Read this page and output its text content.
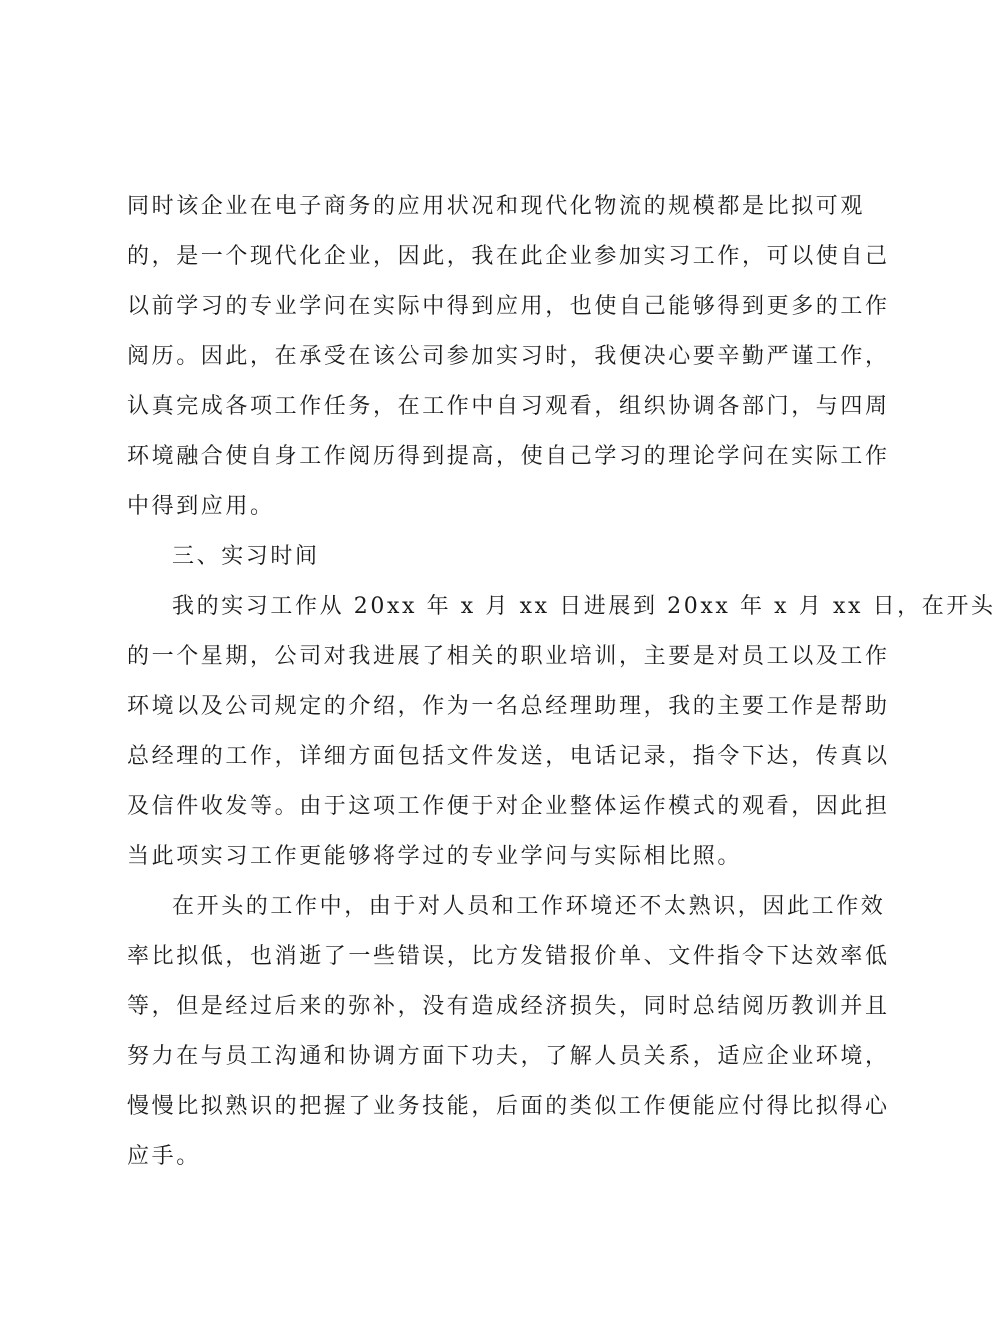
同时该企业在电子商务的应用状况和现代化物流的规模都是比拟可观
的，是一个现代化企业，因此，我在此企业参加实习工作，可以使自己
以前学习的专业学问在实际中得到应用，也使自己能够得到更多的工作
阅历。因此，在承受在该公司参加实习时，我便决心要辛勤严谨工作，
认真完成各项工作任务，在工作中自习观看，组织协调各部门，与四周
环境融合使自身工作阅历得到提高，使自己学习的理论学问在实际工作
中得到应用。
三、实习时间
我的实习工作从 20xx 年 x 月 xx 日进展到 20xx 年 x 月 xx 日，在开头
的一个星期，公司对我进展了相关的职业培训，主要是对员工以及工作
环境以及公司规定的介绍，作为一名总经理助理，我的主要工作是帮助
总经理的工作，详细方面包括文件发送，电话记录，指令下达，传真以
及信件收发等。由于这项工作便于对企业整体运作模式的观看，因此担
当此项实习工作更能够将学过的专业学问与实际相比照。
在开头的工作中，由于对人员和工作环境还不太熟识，因此工作效
率比拟低，也消逝了一些错误，比方发错报价单、文件指令下达效率低
等，但是经过后来的弥补，没有造成经济损失，同时总结阅历教训并且
努力在与员工沟通和协调方面下功夫，了解人员关系，适应企业环境，
慢慢比拟熟识的把握了业务技能，后面的类似工作便能应付得比拟得心
应手。
